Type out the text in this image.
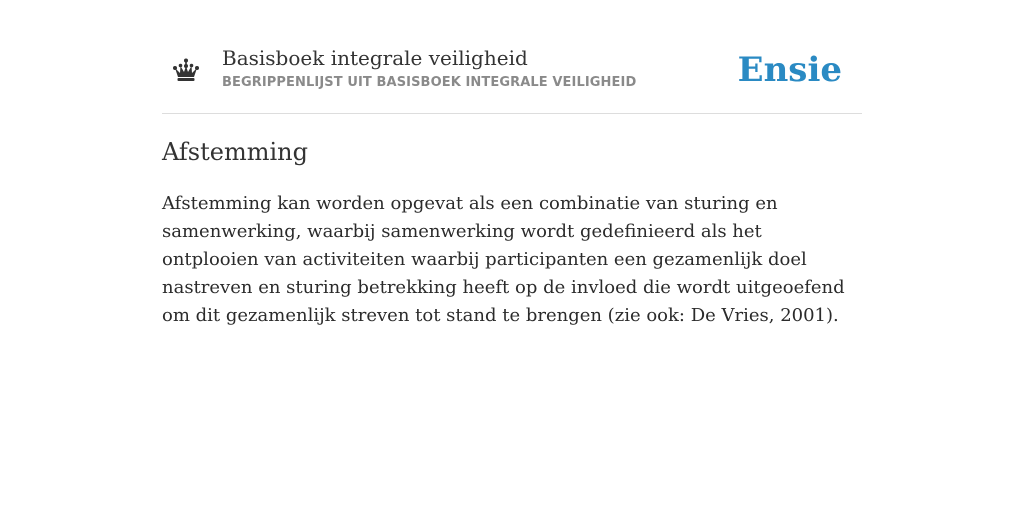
Basisboek integrale veiligheid
BEGRIPPENLIJST UIT BASISBOEK INTEGRALE VEILIGHEID	Ensie
Afstemming

Afstemming kan worden opgevat als een combinatie van sturing en samenwerking, waarbij samenwerking wordt gedefinieerd als het ontplooien van activiteiten waarbij participanten een gezamenlijk doel nastreven en sturing betrekking heeft op de invloed die wordt uitgeoefend om dit gezamenlijk streven tot stand te brengen (zie ook: De Vries, 2001).
